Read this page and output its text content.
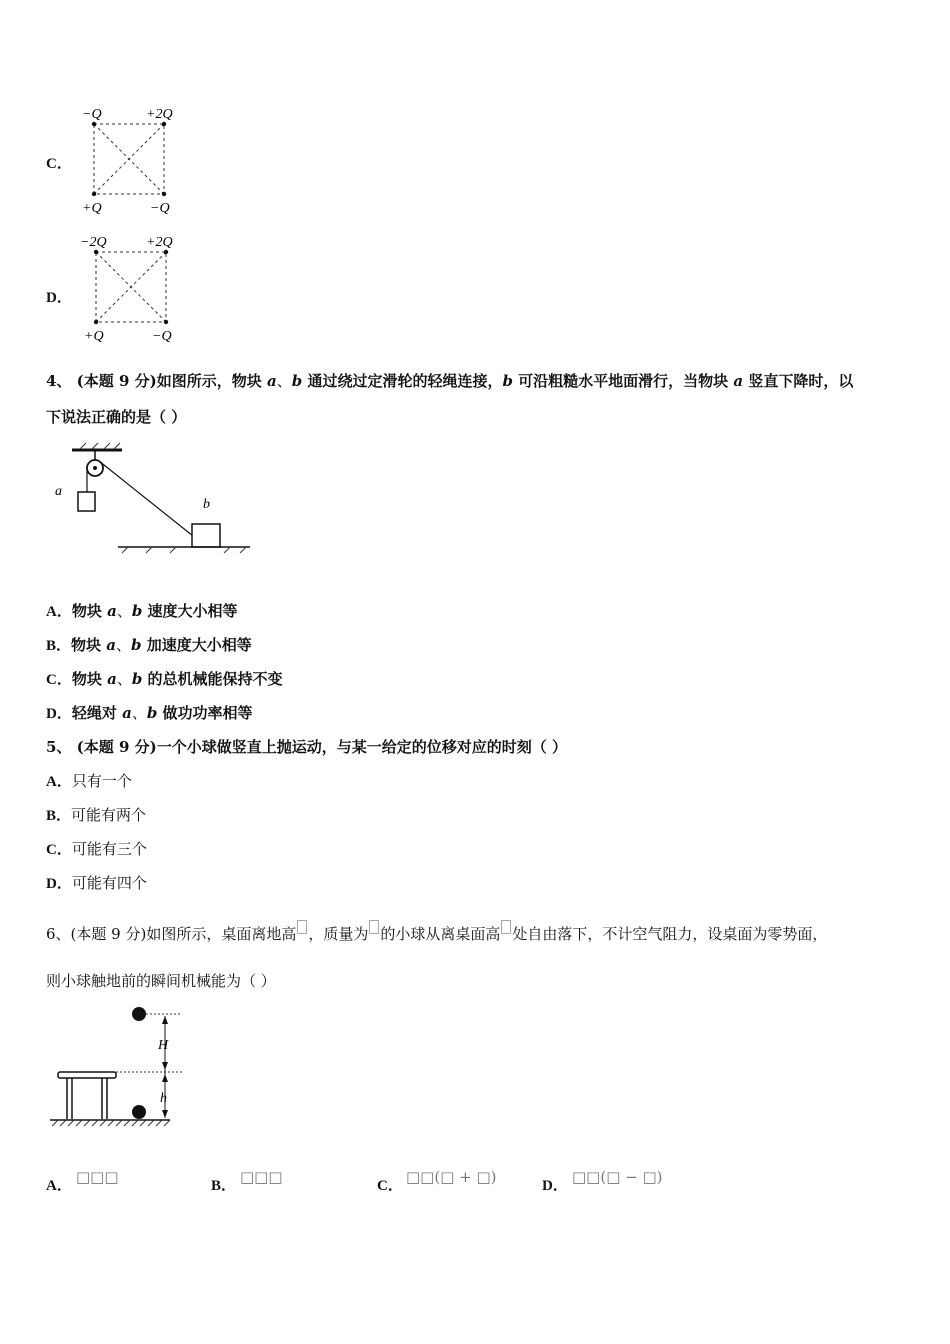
C．
−Q	+2Q
+Q	−Q
D．
−2Q	+2Q
+Q	−Q
4、 (本题 9 分)如图所示，物块 a、b 通过绕过定滑轮的轻绳连接，b 可沿粗糙水平地面滑行，当物块 a 竖直下降时，以
下说法正确的是（ ）
a
b
A．物块 a、b 速度大小相等
B．物块 a、b 加速度大小相等
C．物块 a、b 的总机械能保持不变
D．轻绳对 a、b 做功功率相等
5、 (本题 9 分)一个小球做竖直上抛运动，与某一给定的位移对应的时刻（ ）
A．只有一个
B．可能有两个
C．可能有三个
D．可能有四个
6、(本题 9 分)如图所示，桌面离地高 ，质量为 的小球从离桌面高 处自由落下，不计空气阻力，设桌面为零势面，
则小球触地前的瞬间机械能为（ ）
H
h
A． □□□	B． □□□	C． □□(□ + □)	D． □□(□ − □)
